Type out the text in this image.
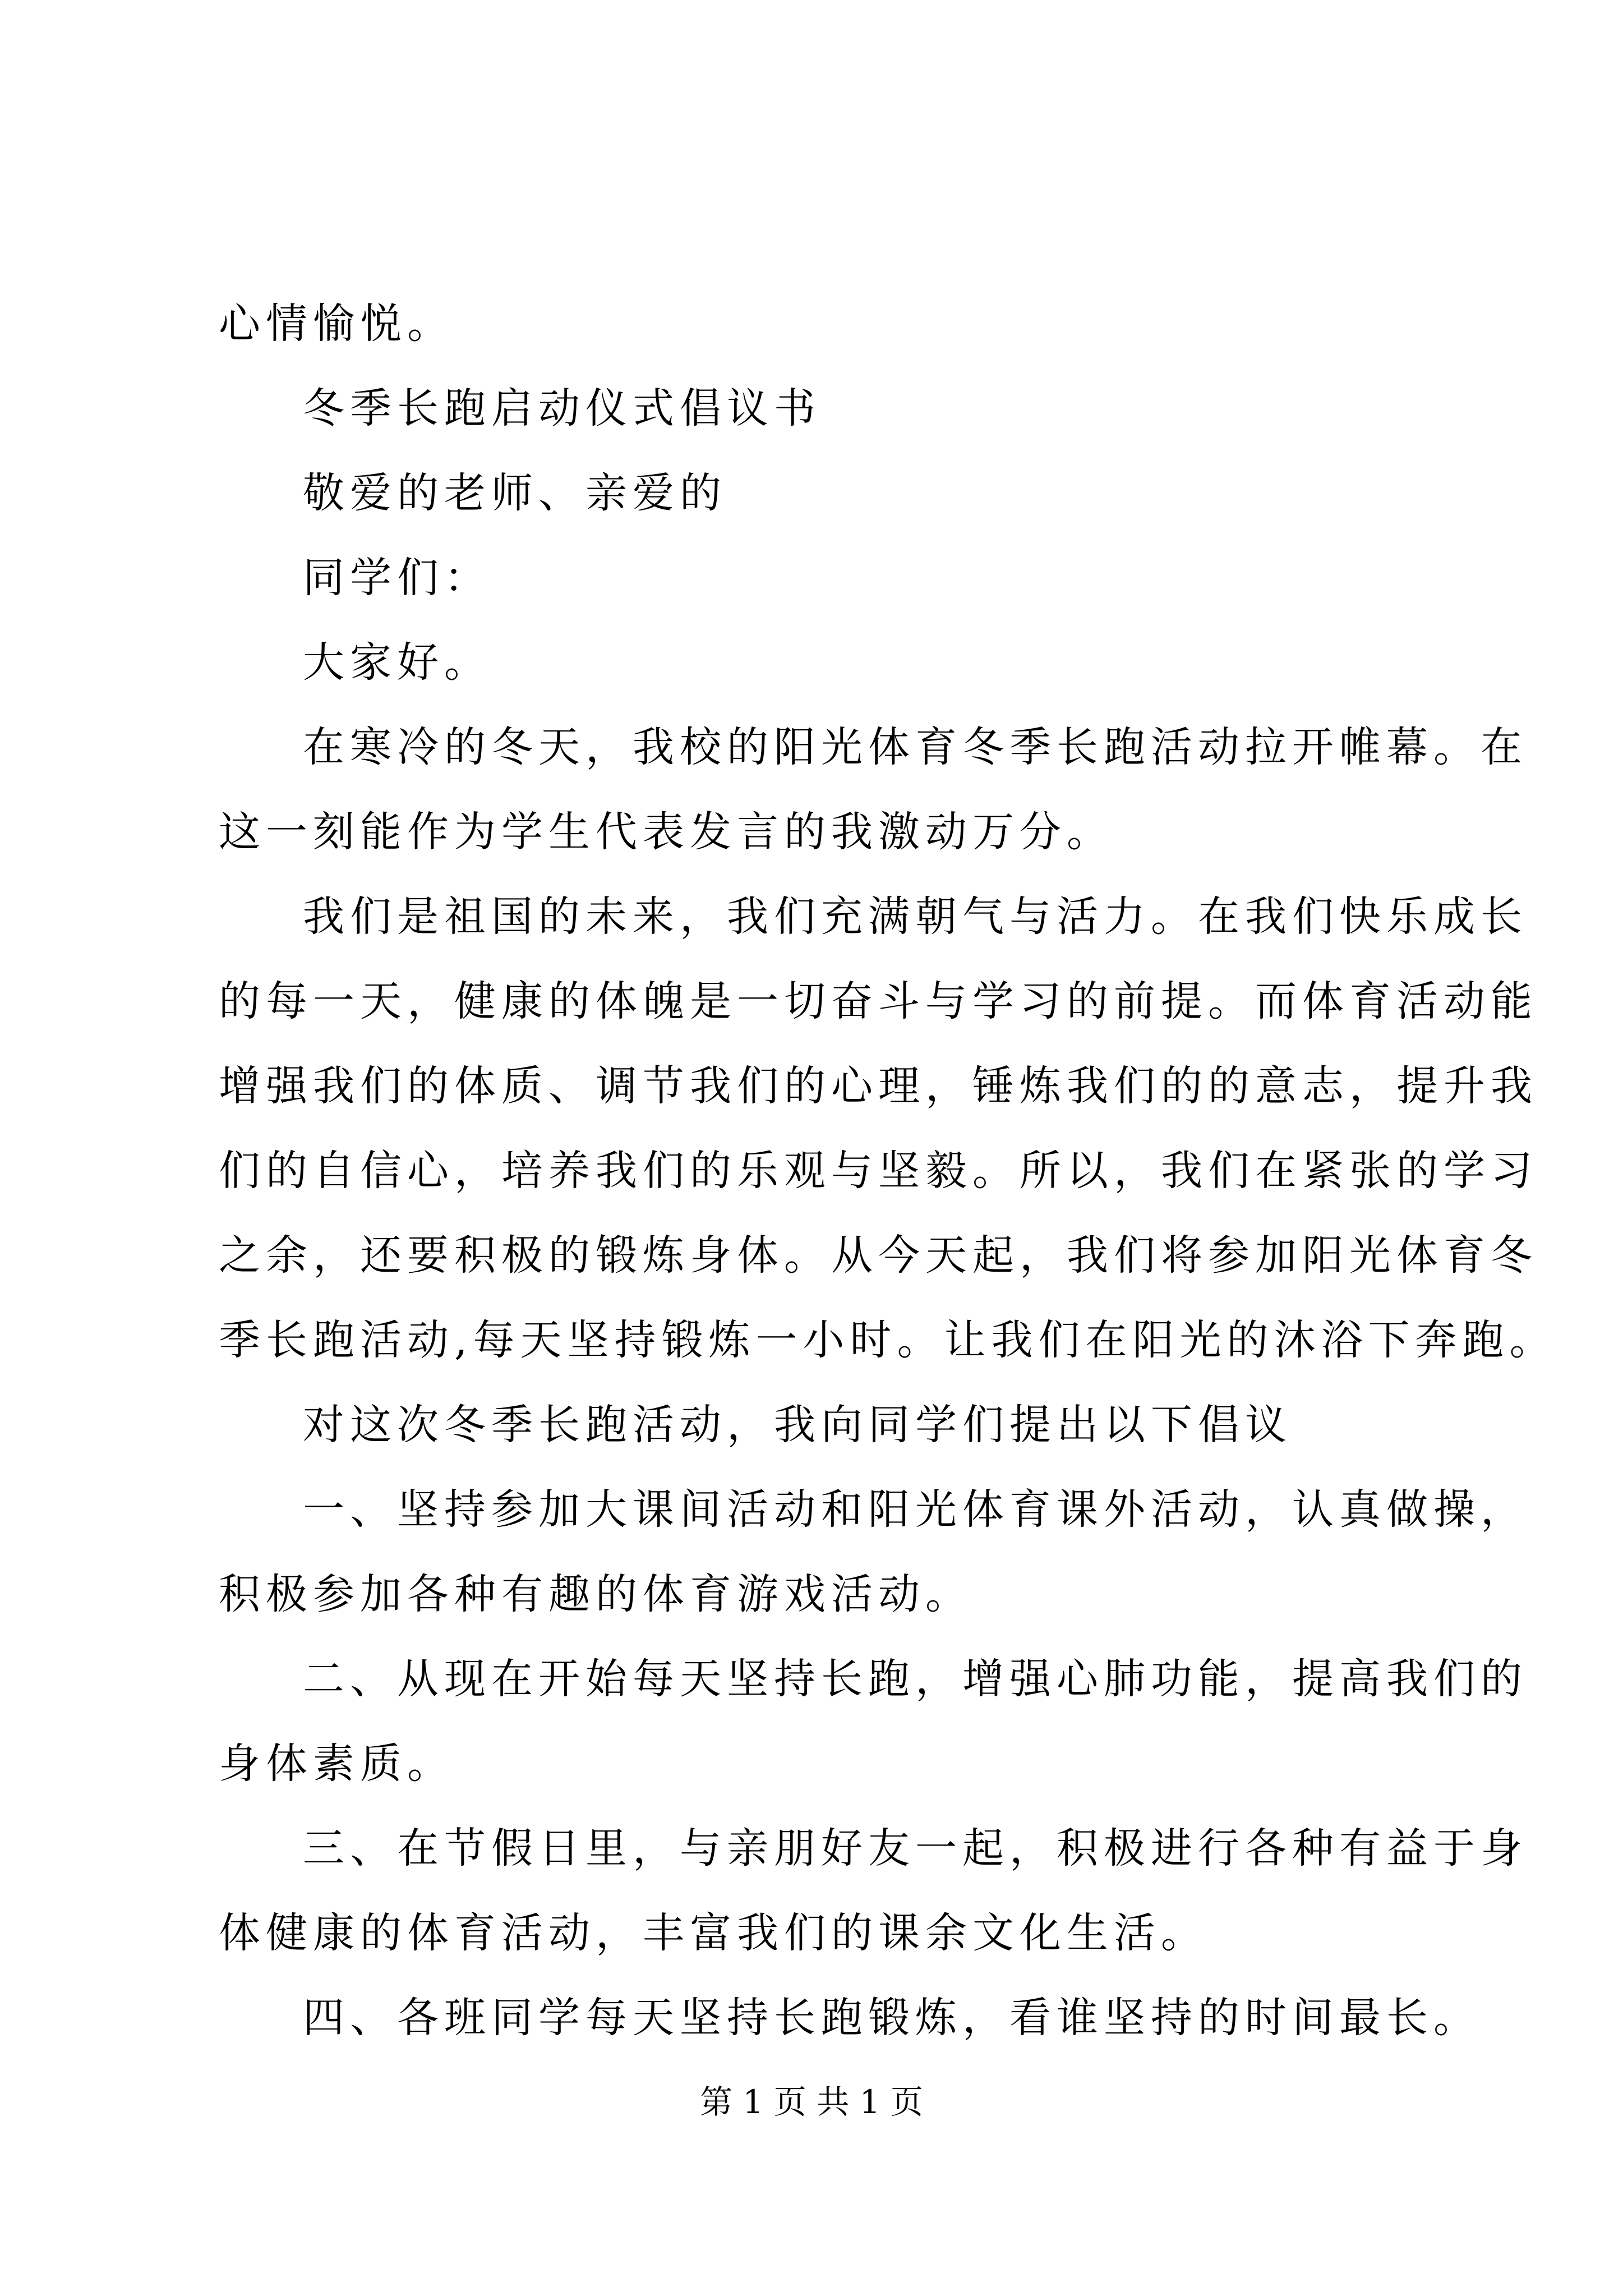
心情愉悦。
冬季长跑启动仪式倡议书
敬爱的老师、亲爱的
同学们：
大家好。
在寒冷的冬天，我校的阳光体育冬季长跑活动拉开帷幕。在
这一刻能作为学生代表发言的我激动万分。
我们是祖国的未来，我们充满朝气与活力。在我们快乐成长
的每一天，健康的体魄是一切奋斗与学习的前提。而体育活动能
增强我们的体质、调节我们的心理，锤炼我们的的意志，提升我
们的自信心，培养我们的乐观与坚毅。所以，我们在紧张的学习
之余，还要积极的锻炼身体。从今天起，我们将参加阳光体育冬
季长跑活动,每天坚持锻炼一小时。让我们在阳光的沐浴下奔跑。
对这次冬季长跑活动，我向同学们提出以下倡议
一、坚持参加大课间活动和阳光体育课外活动，认真做操，
积极参加各种有趣的体育游戏活动。
二、从现在开始每天坚持长跑，增强心肺功能，提高我们的
身体素质。
三、在节假日里，与亲朋好友一起，积极进行各种有益于身
体健康的体育活动，丰富我们的课余文化生活。
四、各班同学每天坚持长跑锻炼，看谁坚持的时间最长。
第 1 页 共 1 页
